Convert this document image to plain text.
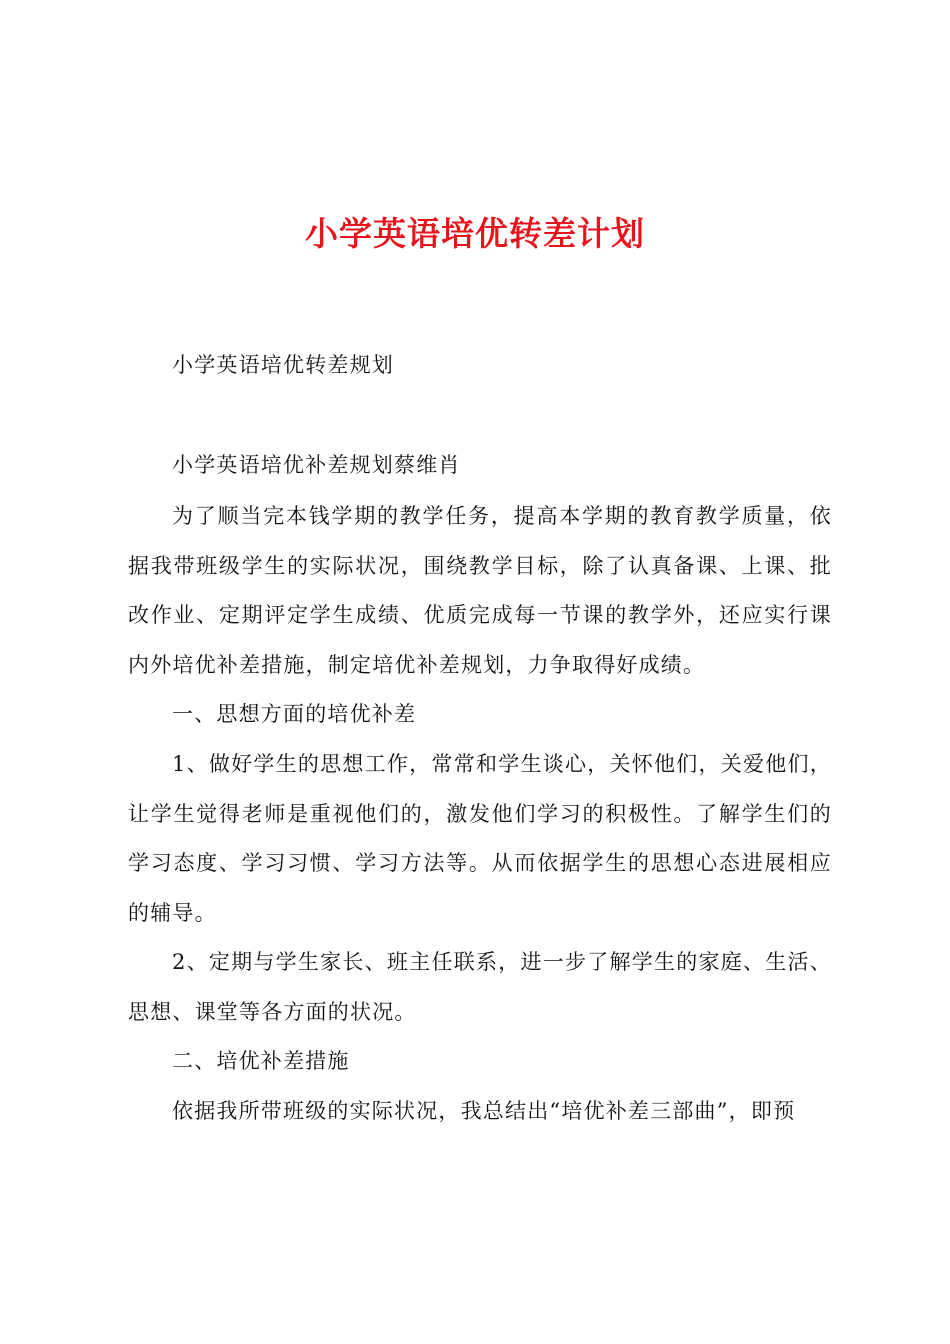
小学英语培优转差计划

小学英语培优转差规划

小学英语培优补差规划蔡维肖

为了顺当完本钱学期的教学任务，提高本学期的教育教学质量，依据我带班级学生的实际状况，围绕教学目标，除了认真备课、上课、批改作业、定期评定学生成绩、优质完成每一节课的教学外，还应实行课内外培优补差措施，制定培优补差规划，力争取得好成绩。

一、思想方面的培优补差

1、做好学生的思想工作，常常和学生谈心，关怀他们，关爱他们，让学生觉得老师是重视他们的，激发他们学习的积极性。了解学生们的学习态度、学习习惯、学习方法等。从而依据学生的思想心态进展相应的辅导。

2、定期与学生家长、班主任联系，进一步了解学生的家庭、生活、思想、课堂等各方面的状况。

二、培优补差措施

依据我所带班级的实际状况，我总结出“培优补差三部曲”，即预
